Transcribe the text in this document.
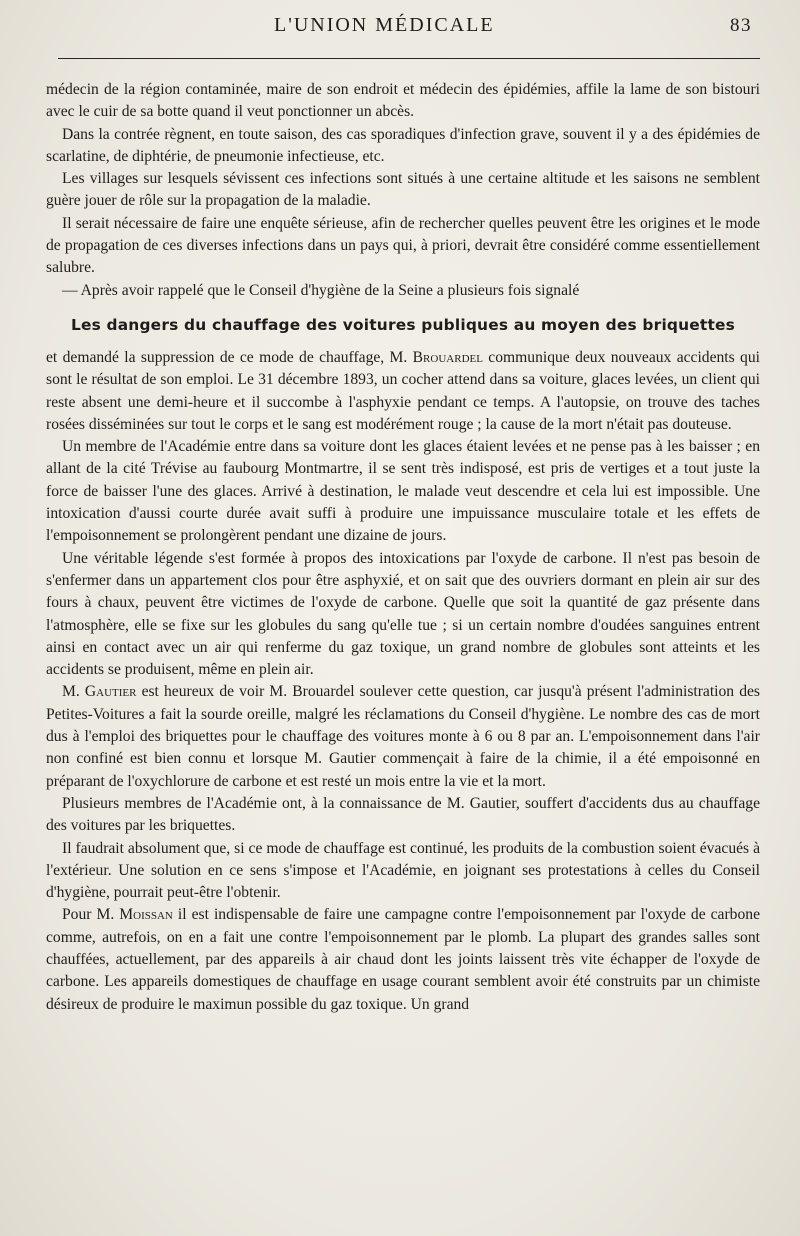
L'UNION MÉDICALE	83

médecin de la région contaminée, maire de son endroit et médecin des épidémies, affile la lame de son bistouri avec le cuir de sa botte quand il veut ponctionner un abcès.

Dans la contrée règnent, en toute saison, des cas sporadiques d'infection grave, souvent il y a des épidémies de scarlatine, de diphtérie, de pneumonie infectieuse, etc.

Les villages sur lesquels sévissent ces infections sont situés à une certaine altitude et les saisons ne semblent guère jouer de rôle sur la propagation de la maladie.

Il serait nécessaire de faire une enquête sérieuse, afin de rechercher quelles peuvent être les origines et le mode de propagation de ces diverses infections dans un pays qui, à priori, devrait être considéré comme essentiellement salubre.

— Après avoir rappelé que le Conseil d'hygiène de la Seine a plusieurs fois signalé

Les dangers du chauffage des voitures publiques au moyen des briquettes

et demandé la suppression de ce mode de chauffage, M. Brouardel communique deux nouveaux accidents qui sont le résultat de son emploi. Le 31 décembre 1893, un cocher attend dans sa voiture, glaces levées, un client qui reste absent une demi-heure et il succombe à l'asphyxie pendant ce temps. A l'autopsie, on trouve des taches rosées disséminées sur tout le corps et le sang est modérément rouge ; la cause de la mort n'était pas douteuse.

Un membre de l'Académie entre dans sa voiture dont les glaces étaient levées et ne pense pas à les baisser ; en allant de la cité Trévise au faubourg Montmartre, il se sent très indisposé, est pris de vertiges et a tout juste la force de baisser l'une des glaces. Arrivé à destination, le malade veut descendre et cela lui est impossible. Une intoxication d'aussi courte durée avait suffi à produire une impuissance musculaire totale et les effets de l'empoisonnement se prolongèrent pendant une dizaine de jours.

Une véritable légende s'est formée à propos des intoxications par l'oxyde de carbone. Il n'est pas besoin de s'enfermer dans un appartement clos pour être asphyxié, et on sait que des ouvriers dormant en plein air sur des fours à chaux, peuvent être victimes de l'oxyde de carbone. Quelle que soit la quantité de gaz présente dans l'atmosphère, elle se fixe sur les globules du sang qu'elle tue ; si un certain nombre d'oudées sanguines entrent ainsi en contact avec un air qui renferme du gaz toxique, un grand nombre de globules sont atteints et les accidents se produisent, même en plein air.

M. Gautier est heureux de voir M. Brouardel soulever cette question, car jusqu'à présent l'administration des Petites-Voitures a fait la sourde oreille, malgré les réclamations du Conseil d'hygiène. Le nombre des cas de mort dus à l'emploi des briquettes pour le chauffage des voitures monte à 6 ou 8 par an. L'empoisonnement dans l'air non confiné est bien connu et lorsque M. Gautier commençait à faire de la chimie, il a été empoisonné en préparant de l'oxychlorure de carbone et est resté un mois entre la vie et la mort.

Plusieurs membres de l'Académie ont, à la connaissance de M. Gautier, souffert d'accidents dus au chauffage des voitures par les briquettes.

Il faudrait absolument que, si ce mode de chauffage est continué, les produits de la combustion soient évacués à l'extérieur. Une solution en ce sens s'impose et l'Académie, en joignant ses protestations à celles du Conseil d'hygiène, pourrait peut-être l'obtenir.

Pour M. Moissan il est indispensable de faire une campagne contre l'empoisonnement par l'oxyde de carbone comme, autrefois, on en a fait une contre l'empoisonnement par le plomb. La plupart des grandes salles sont chauffées, actuellement, par des appareils à air chaud dont les joints laissent très vite échapper de l'oxyde de carbone. Les appareils domestiques de chauffage en usage courant semblent avoir été construits par un chimiste désireux de produire le maximun possible du gaz toxique. Un grand
